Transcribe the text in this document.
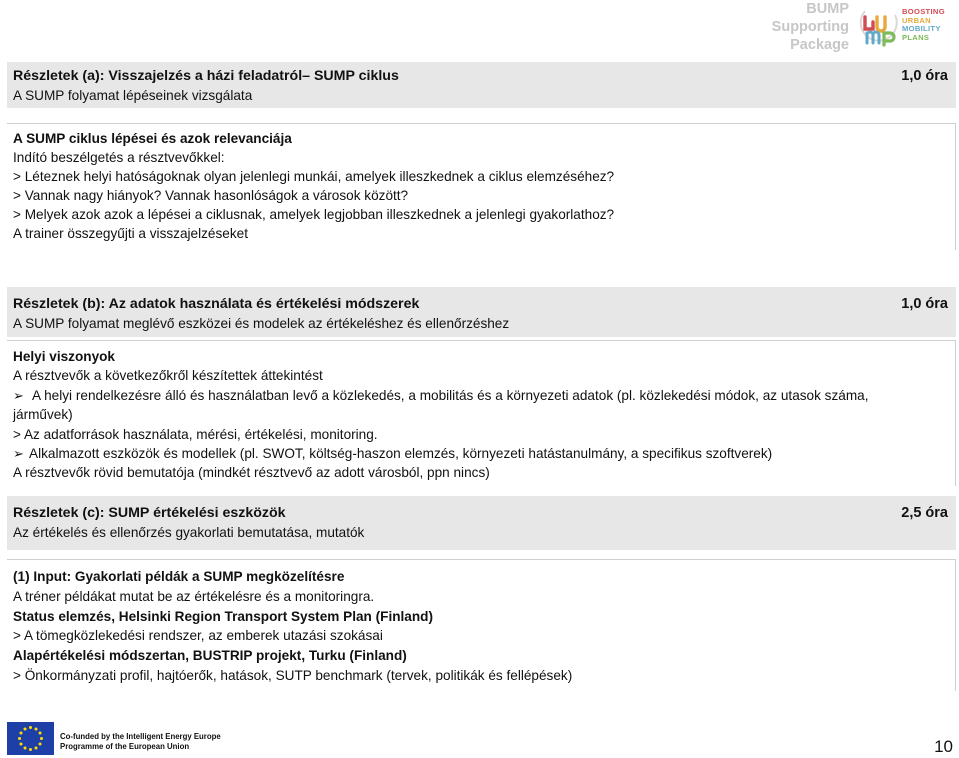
BUMP
Supporting
Package
BOOSTING
URBAN
MOBILITY
PLANS
Részletek (a): Visszajelzés a házi feladatról– SUMP ciklus
A SUMP folyamat lépéseinek vizsgálata
1,0 óra
A SUMP ciklus lépései és azok relevanciája
Indító beszélgetés a résztvevőkkel:
> Léteznek helyi hatóságoknak olyan jelenlegi munkái, amelyek illeszkednek a ciklus elemzéséhez?
> Vannak nagy hiányok? Vannak hasonlóságok a városok között?
> Melyek azok azok a lépései a ciklusnak, amelyek legjobban illeszkednek a jelenlegi gyakorlathoz?
A trainer összegyűjti a visszajelzéseket
Részletek (b): Az adatok használata és értékelési módszerek
A SUMP folyamat meglévő eszközei és modelek az értékeléshez és ellenőrzéshez
1,0 óra
Helyi viszonyok
A résztvevők a következőkről készítettek áttekintést
➢ A helyi rendelkezésre álló és használatban levő a közlekedés, a mobilitás és a környezeti adatok (pl. közlekedési módok, az utasok száma,
járművek)
> Az adatforrások használata, mérési, értékelési, monitoring.
➢ Alkalmazott eszközök és modellek (pl. SWOT, költség-haszon elemzés, környezeti hatástanulmány, a specifikus szoftverek)
A résztvevők rövid bemutatója (mindkét résztvevő az adott városból, ppn nincs)
Részletek (c): SUMP értékelési eszközök
Az értékelés és ellenőrzés gyakorlati bemutatása, mutatók
2,5 óra
(1) Input: Gyakorlati példák a SUMP megközelítésre
A tréner példákat mutat be az értékelésre és a monitoringra.
Status elemzés, Helsinki Region Transport System Plan (Finland)
> A tömegközlekedési rendszer, az emberek utazási szokásai
Alapértékelési módszertan, BUSTRIP projekt, Turku (Finland)
> Önkormányzati profil, hajtóerők, hatások, SUTP benchmark (tervek, politikák és fellépések)
Co-funded by the Intelligent Energy Europe
Programme of the European Union	10
